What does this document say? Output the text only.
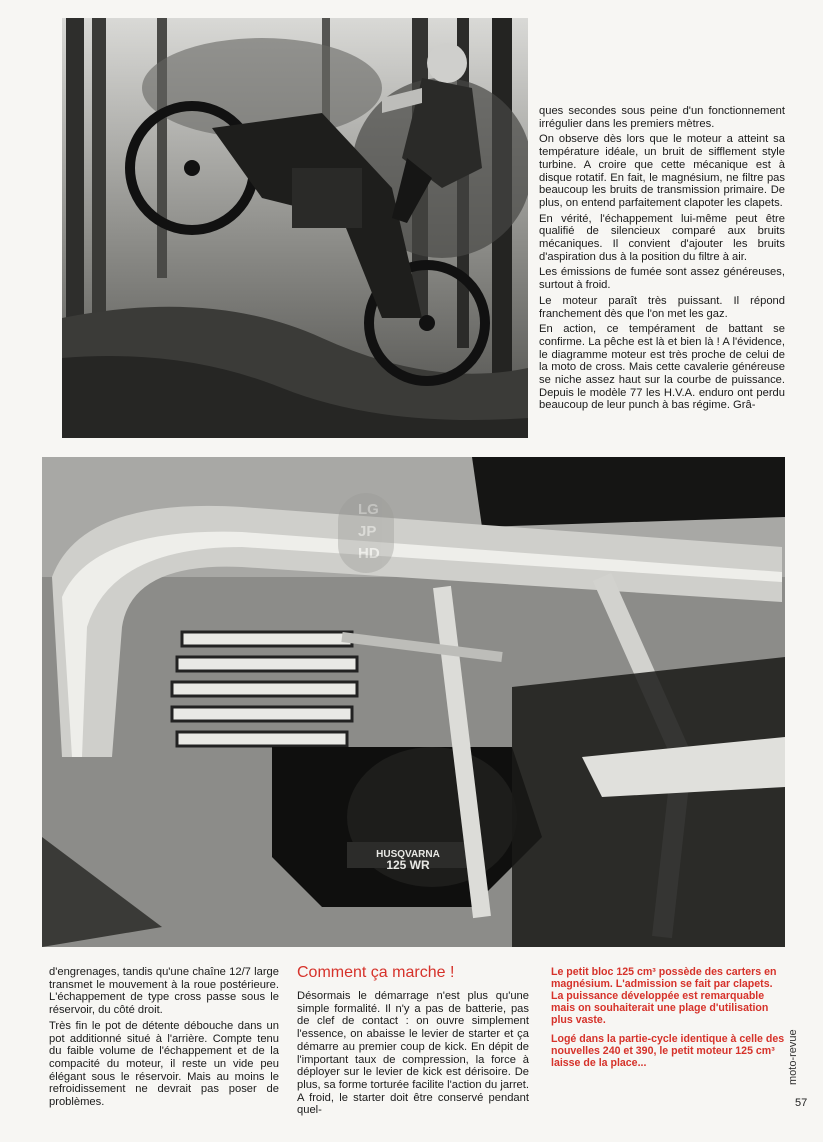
ques secondes sous peine d'un fonctionnement irrégulier dans les premiers mètres.

On observe dès lors que le moteur a atteint sa température idéale, un bruit de sifflement style turbine. A croire que cette mécanique est à disque rotatif. En fait, le magnésium, ne filtre pas beaucoup les bruits de transmission primaire. De plus, on entend parfaitement clapoter les clapets.

En vérité, l'échappement lui-même peut être qualifié de silencieux comparé aux bruits mécaniques. Il convient d'ajouter les bruits d'aspiration dus à la position du filtre à air.

Les émissions de fumée sont assez généreuses, surtout à froid.

Le moteur paraît très puissant. Il répond franchement dès que l'on met les gaz.

En action, ce tempérament de battant se confirme. La pêche est là et bien là ! A l'évidence, le diagramme moteur est très proche de celui de la moto de cross. Mais cette cavalerie généreuse se niche assez haut sur la courbe de puissance. Depuis le modèle 77 les H.V.A. enduro ont perdu beaucoup de leur punch à bas régime. Grâ-

HUSQVARNA
125 WR
LG
JP
HD

d'engrenages, tandis qu'une chaîne 12/7 large transmet le mouvement à la roue postérieure. L'échappement de type cross passe sous le réservoir, du côté droit.

Très fin le pot de détente débouche dans un pot additionné situé à l'arrière. Compte tenu du faible volume de l'échappement et de la compacité du moteur, il reste un vide peu élégant sous le réservoir. Mais au moins le refroidissement ne devrait pas poser de problèmes.

Comment ça marche !

Désormais le démarrage n'est plus qu'une simple formalité. Il n'y a pas de batterie, pas de clef de contact : on ouvre simplement l'essence, on abaisse le levier de starter et ça démarre au premier coup de kick. En dépit de l'important taux de compression, la force à déployer sur le levier de kick est dérisoire. De plus, sa forme torturée facilite l'action du jarret. A froid, le starter doit être conservé pendant quel-

Le petit bloc 125 cm³ possède des carters en magnésium. L'admission se fait par clapets. La puissance développée est remarquable mais on souhaiterait une plage d'utilisation plus vaste.

Logé dans la partie-cycle identique à celle des nouvelles 240 et 390, le petit moteur 125 cm³ laisse de la place...	moto-revue
57
